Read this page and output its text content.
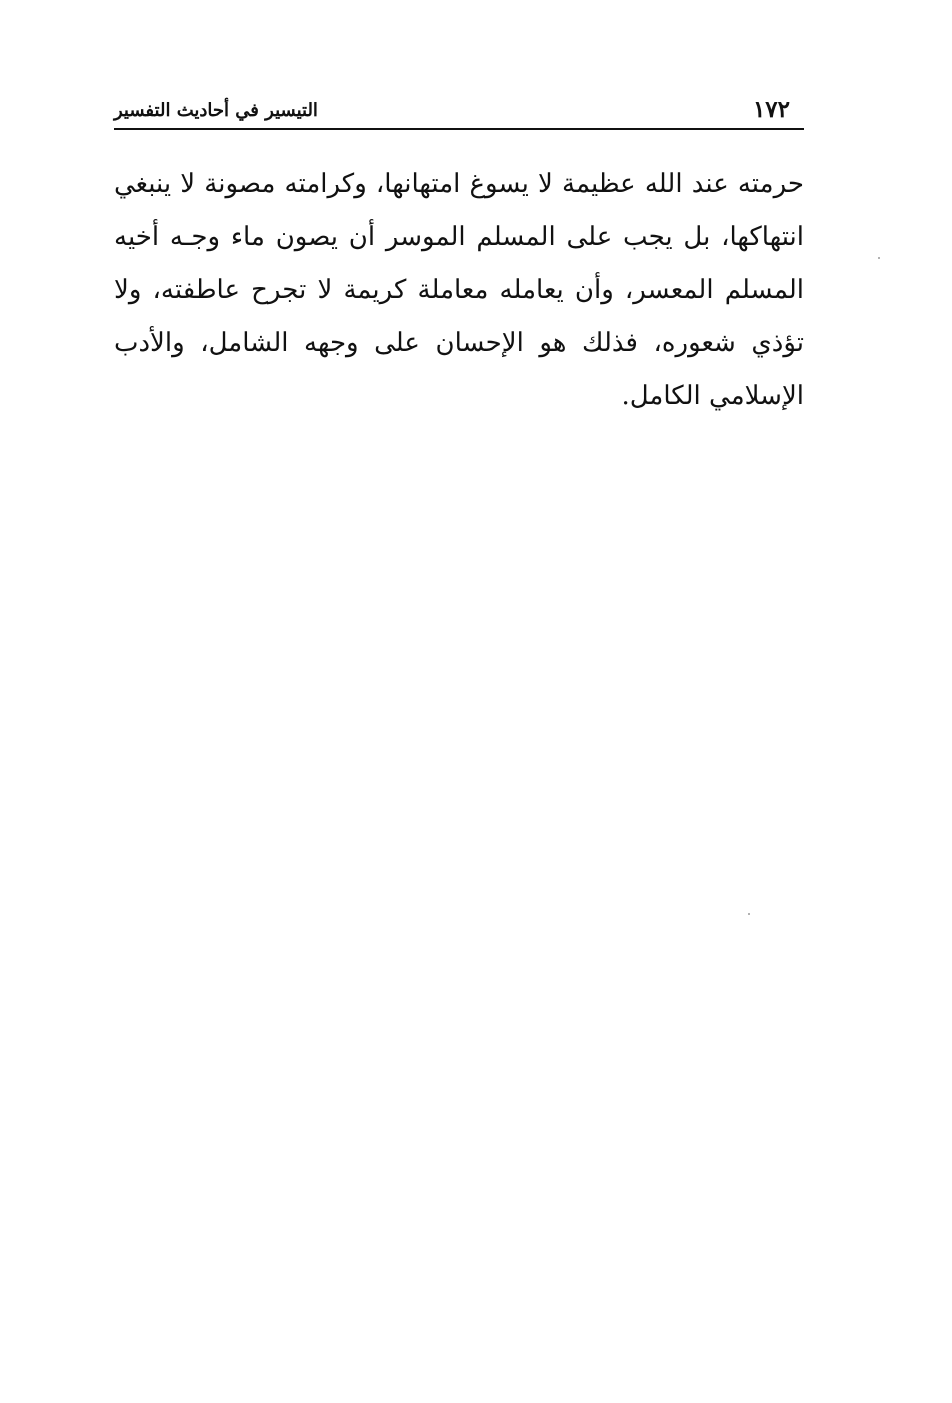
١٧٢
التيسير في أحاديث التفسير

حرمته عند الله عظيمة لا يسوغ امتهانها، وكرامته مصونة لا ينبغي انتهاكها، بل يجب على المسلم الموسر أن يصون ماء وجـه أخيه المسلم المعسر، وأن يعامله معاملة كريمة لا تجرح عاطفته، ولا تؤذي شعوره، فذلك هو الإحسان على وجهه الشامل، والأدب الإسلامي الكامل.
